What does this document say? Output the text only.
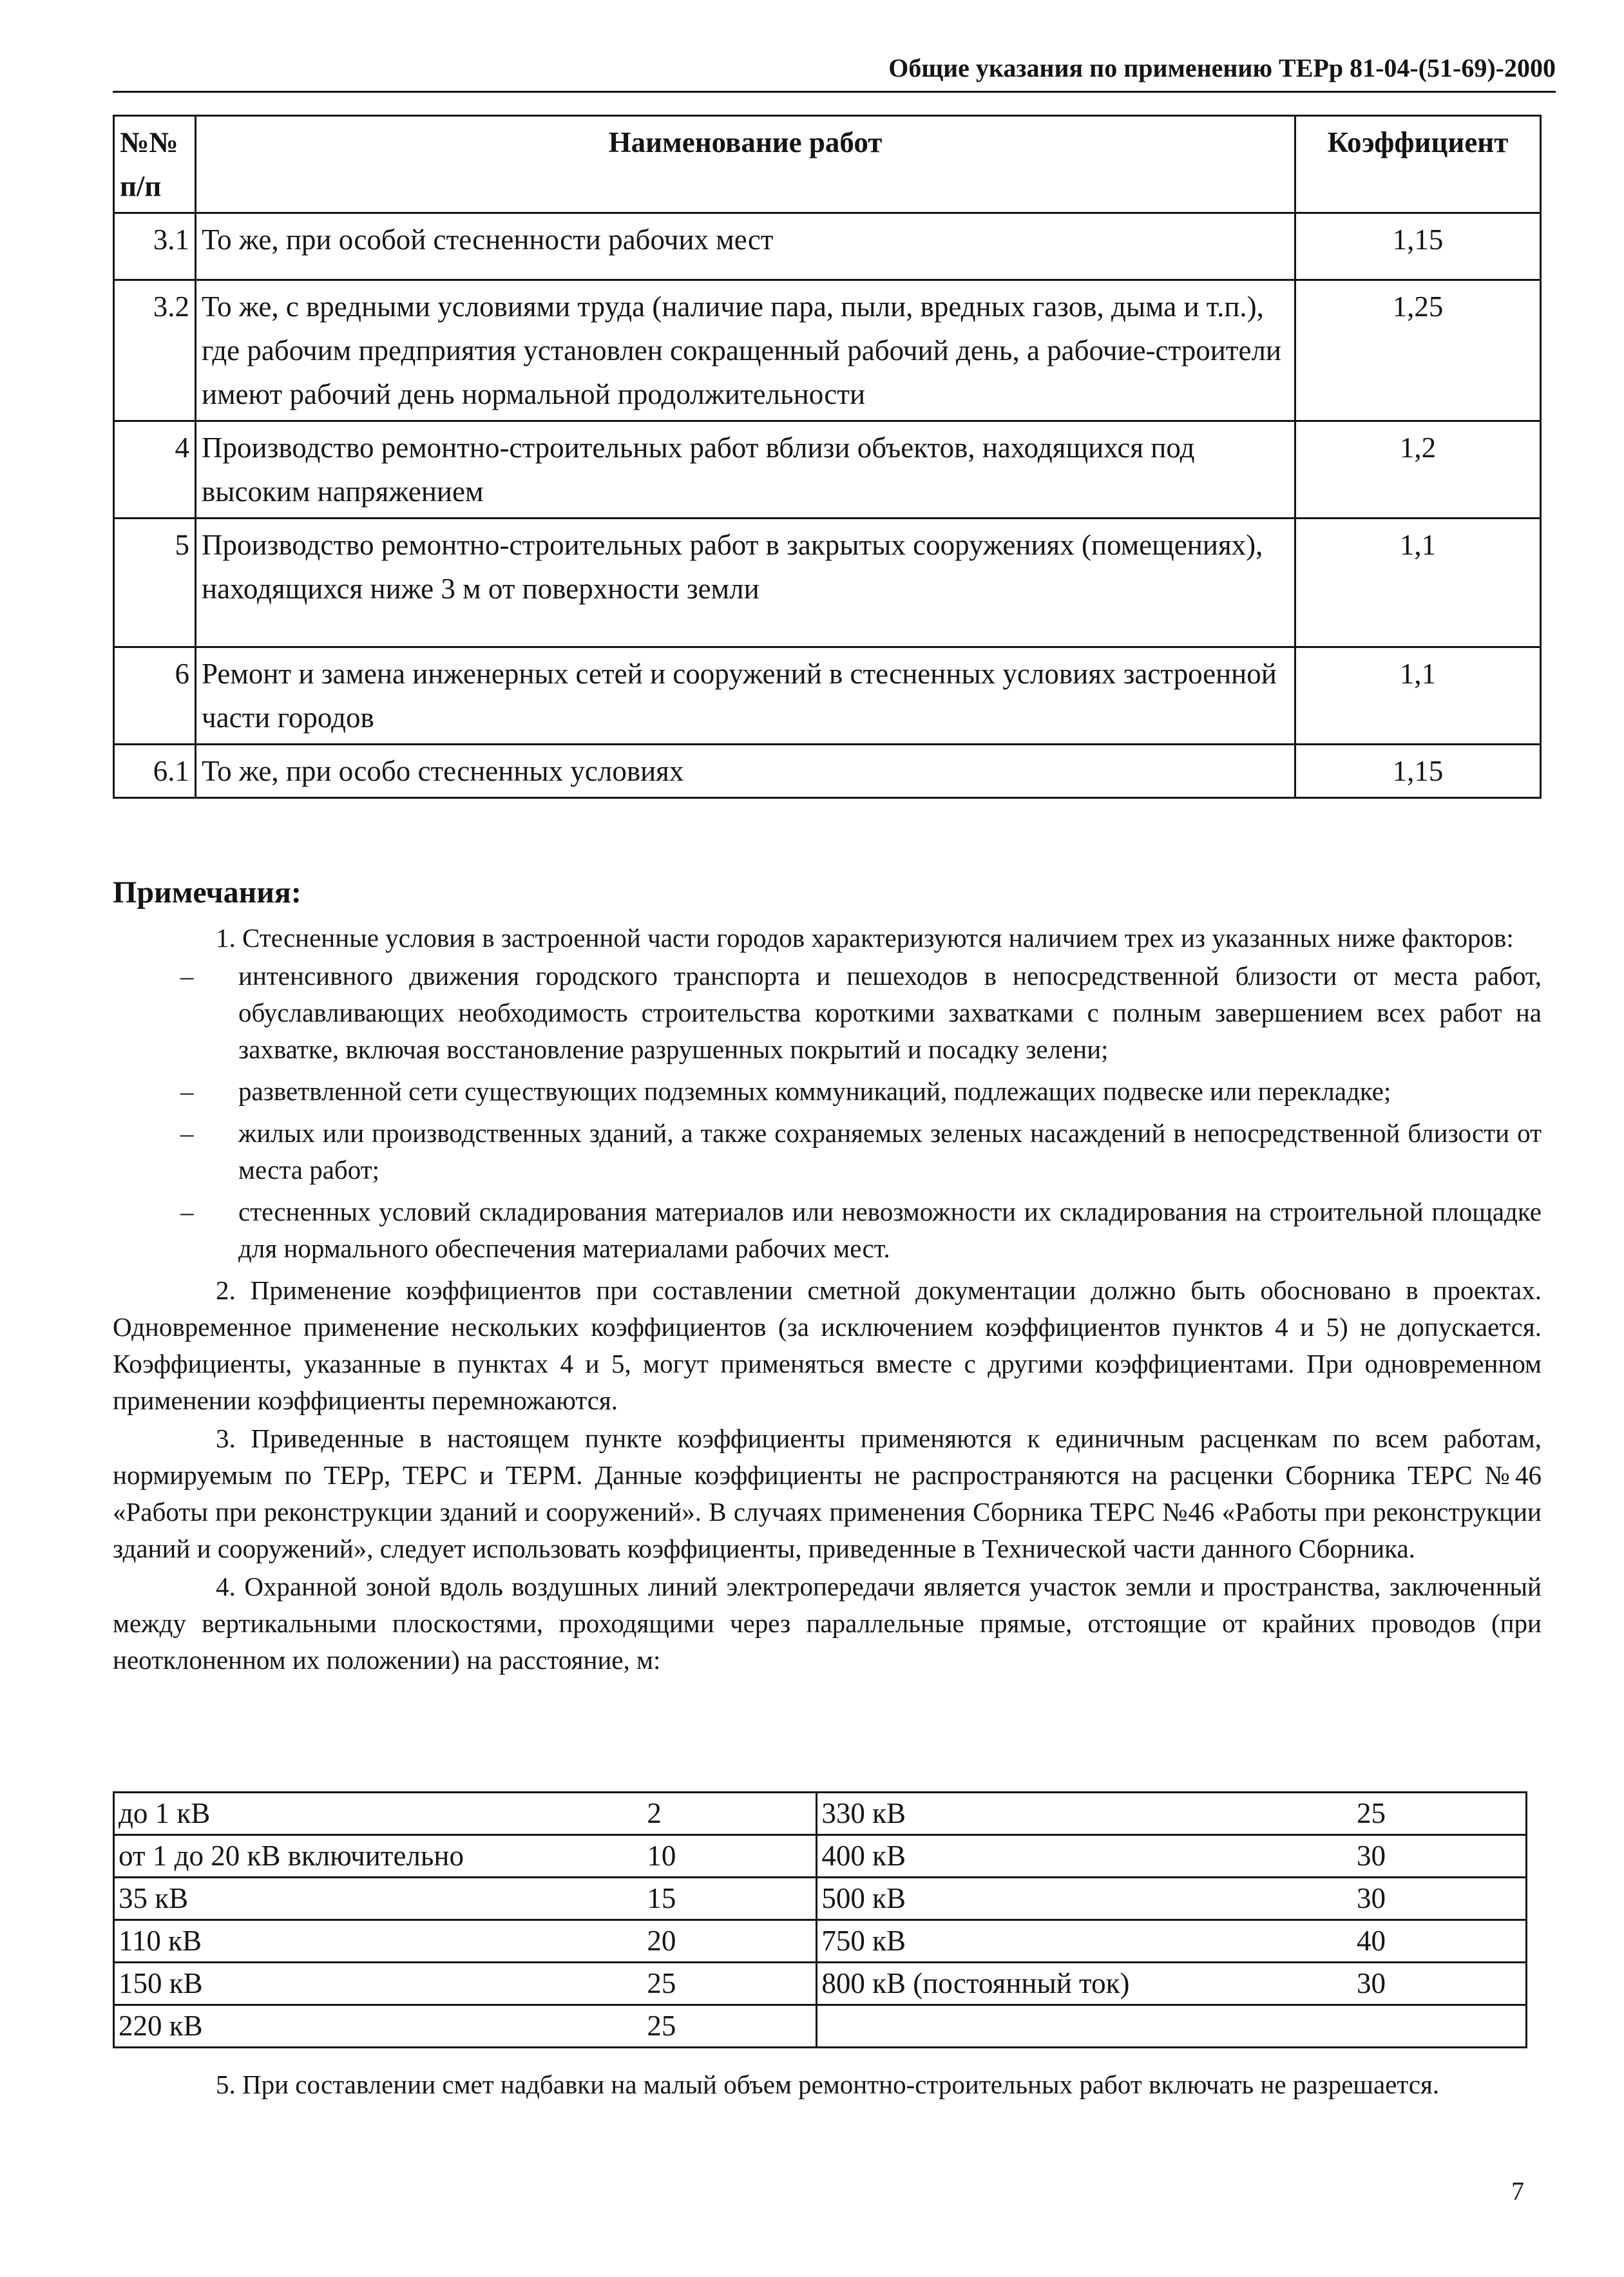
Общие указания по применению ТЕРр 81-04-(51-69)-2000
№№
п/п	Наименование работ	Коэффициент
3.1	То же, при особой стесненности рабочих мест	1,15
3.2	То же, с вредными условиями труда (наличие пара, пыли, вредных газов, дыма и т.п.), где рабочим предприятия установлен сокращенный рабочий день, а рабочие-строители имеют рабочий день нормальной продолжительности	1,25
4	Производство ремонтно-строительных работ вблизи объектов, находящихся под высоким напряжением	1,2
5	Производство ремонтно-строительных работ в закрытых сооружениях (помещениях), находящихся ниже 3 м от поверхности земли	1,1
6	Ремонт и замена инженерных сетей и сооружений в стесненных условиях застроенной части городов	1,1
6.1	То же, при особо стесненных условиях	1,15
Примечания:

1. Стесненные условия в застроенной части городов характеризуются наличием трех из указанных ниже факторов:

– интенсивного движения городского транспорта и пешеходов в непосредственной близости от места работ, обуславливающих необходимость строительства короткими захватками с полным завершением всех работ на захватке, включая восстановление разрушенных покрытий и посадку зелени;
– разветвленной сети существующих подземных коммуникаций, подлежащих подвеске или перекладке;
– жилых или производственных зданий, а также сохраняемых зеленых насаждений в непосредственной близости от места работ;
– стесненных условий складирования материалов или невозможности их складирования на строительной площадке для нормального обеспечения материалами рабочих мест.

2. Применение коэффициентов при составлении сметной документации должно быть обосновано в проектах. Одновременное применение нескольких коэффициентов (за исключением коэффициентов пунктов 4 и 5) не допускается. Коэффициенты, указанные в пунктах 4 и 5, могут применяться вместе с другими коэффициентами. При одновременном применении коэффициенты перемножаются.

3. Приведенные в настоящем пункте коэффициенты применяются к единичным расценкам по всем работам, нормируемым по ТЕРр, ТЕРС и ТЕРМ. Данные коэффициенты не распространяются на расценки Сборника ТЕРС №46 «Работы при реконструкции зданий и сооружений». В случаях применения Сборника ТЕРС №46 «Работы при реконструкции зданий и сооружений», следует использовать коэффициенты, приведенные в Технической части данного Сборника.

4. Охранной зоной вдоль воздушных линий электропередачи является участок земли и пространства, заключенный между вертикальными плоскостями, проходящими через параллельные прямые, отстоящие от крайних проводов (при неотклоненном их положении) на расстояние, м:

до 1 кВ	2	330 кВ	25
от 1 до 20 кВ включительно	10	400 кВ	30
35 кВ	15	500 кВ	30
110 кВ	20	750 кВ	40
150 кВ	25	800 кВ (постоянный ток)	30
220 кВ	25		

5. При составлении смет надбавки на малый объем ремонтно-строительных работ включать не разрешается.

7
